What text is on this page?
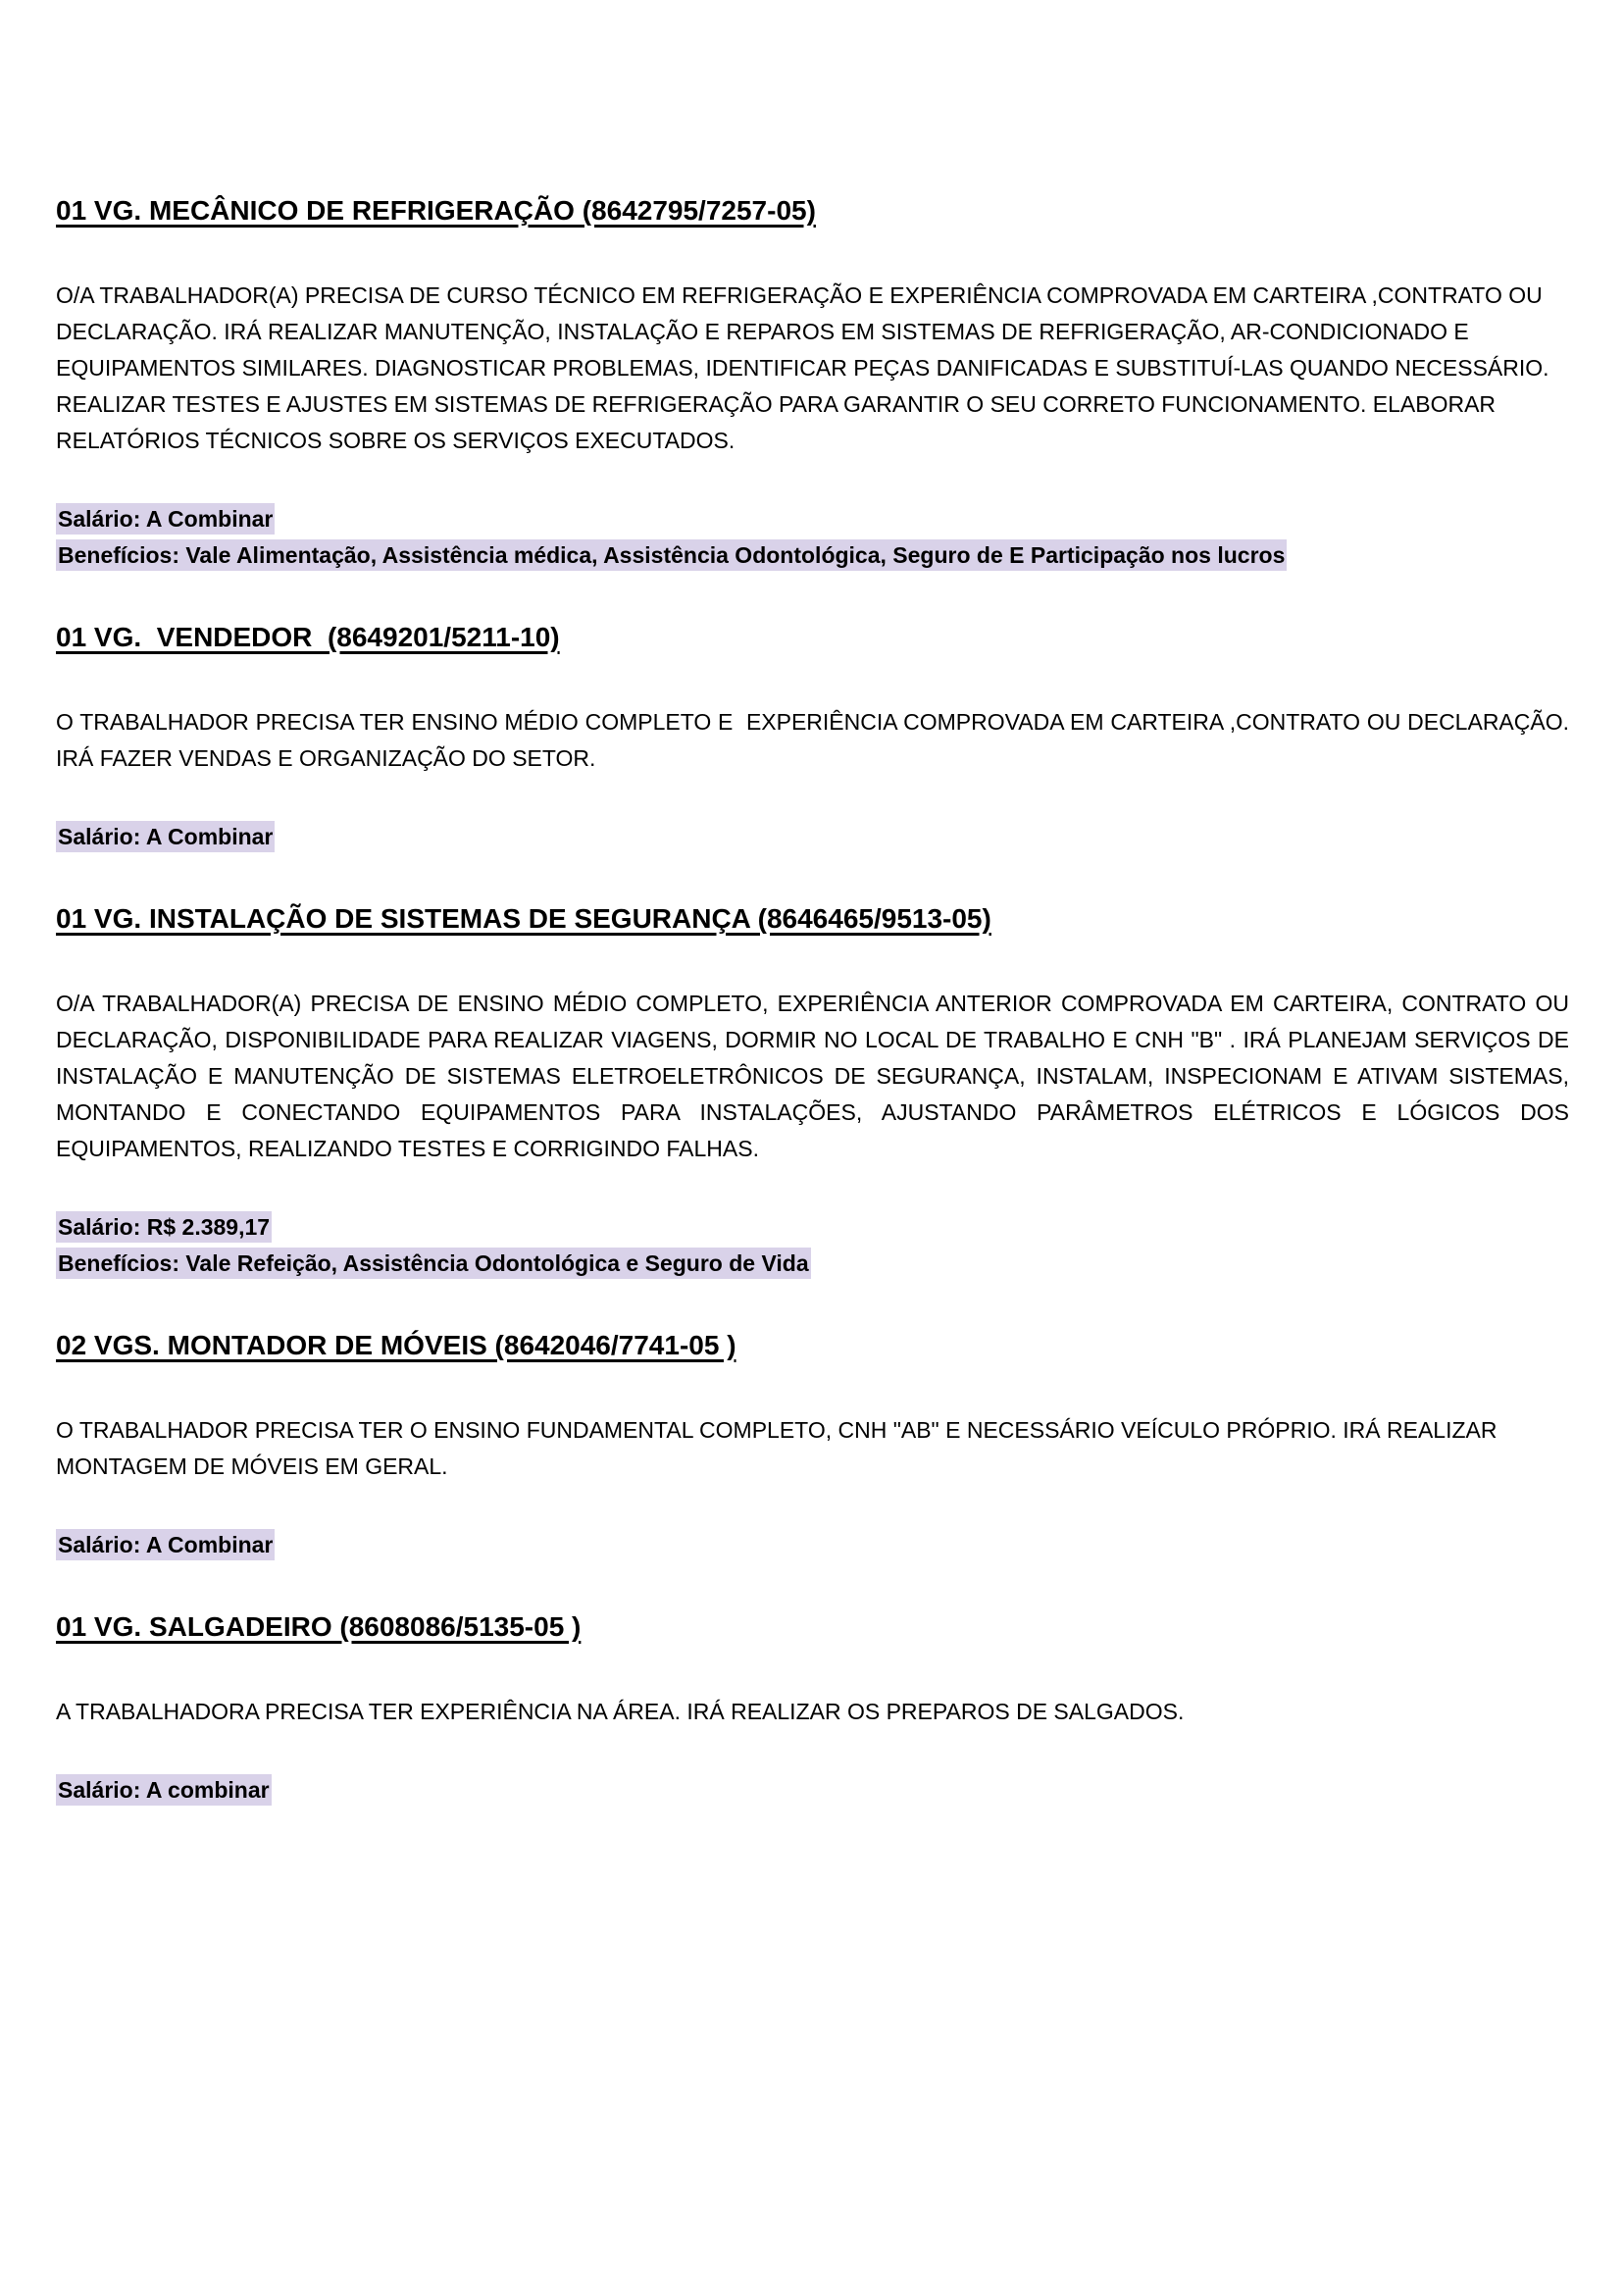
01 VG. MECÂNICO DE REFRIGERAÇÃO (8642795/7257-05)

O/A TRABALHADOR(A) PRECISA DE CURSO TÉCNICO EM REFRIGERAÇÃO E EXPERIÊNCIA COMPROVADA EM CARTEIRA ,CONTRATO OU DECLARAÇÃO. IRÁ REALIZAR MANUTENÇÃO, INSTALAÇÃO E REPAROS EM SISTEMAS DE REFRIGERAÇÃO, AR-CONDICIONADO E EQUIPAMENTOS SIMILARES. DIAGNOSTICAR PROBLEMAS, IDENTIFICAR PEÇAS DANIFICADAS E SUBSTITUÍ-LAS QUANDO NECESSÁRIO. REALIZAR TESTES E AJUSTES EM SISTEMAS DE REFRIGERAÇÃO PARA GARANTIR O SEU CORRETO FUNCIONAMENTO. ELABORAR RELATÓRIOS TÉCNICOS SOBRE OS SERVIÇOS EXECUTADOS.

Salário: A Combinar

Benefícios: Vale Alimentação, Assistência médica, Assistência Odontológica, Seguro de E Participação nos lucros

01 VG.  VENDEDOR  (8649201/5211-10)

O TRABALHADOR PRECISA TER ENSINO MÉDIO COMPLETO E  EXPERIÊNCIA COMPROVADA EM CARTEIRA ,CONTRATO OU DECLARAÇÃO. IRÁ FAZER VENDAS E ORGANIZAÇÃO DO SETOR.

Salário: A Combinar

01 VG. INSTALAÇÃO DE SISTEMAS DE SEGURANÇA (8646465/9513-05)

O/A TRABALHADOR(A) PRECISA DE ENSINO MÉDIO COMPLETO, EXPERIÊNCIA ANTERIOR COMPROVADA EM CARTEIRA, CONTRATO OU DECLARAÇÃO, DISPONIBILIDADE PARA REALIZAR VIAGENS, DORMIR NO LOCAL DE TRABALHO E CNH "B" . IRÁ PLANEJAM SERVIÇOS DE INSTALAÇÃO E MANUTENÇÃO DE SISTEMAS ELETROELETRÔNICOS DE SEGURANÇA, INSTALAM, INSPECIONAM E ATIVAM SISTEMAS, MONTANDO E CONECTANDO EQUIPAMENTOS PARA INSTALAÇÕES, AJUSTANDO PARÂMETROS ELÉTRICOS E LÓGICOS DOS EQUIPAMENTOS, REALIZANDO TESTES E CORRIGINDO FALHAS.

Salário: R$ 2.389,17

Benefícios: Vale Refeição, Assistência Odontológica e Seguro de Vida

02 VGS. MONTADOR DE MÓVEIS (8642046/7741-05 )

O TRABALHADOR PRECISA TER O ENSINO FUNDAMENTAL COMPLETO, CNH "AB" E NECESSÁRIO VEÍCULO PRÓPRIO. IRÁ REALIZAR MONTAGEM DE MÓVEIS EM GERAL.

Salário: A Combinar

01 VG. SALGADEIRO (8608086/5135-05 )

A TRABALHADORA PRECISA TER EXPERIÊNCIA NA ÁREA. IRÁ REALIZAR OS PREPAROS DE SALGADOS.

Salário: A combinar
